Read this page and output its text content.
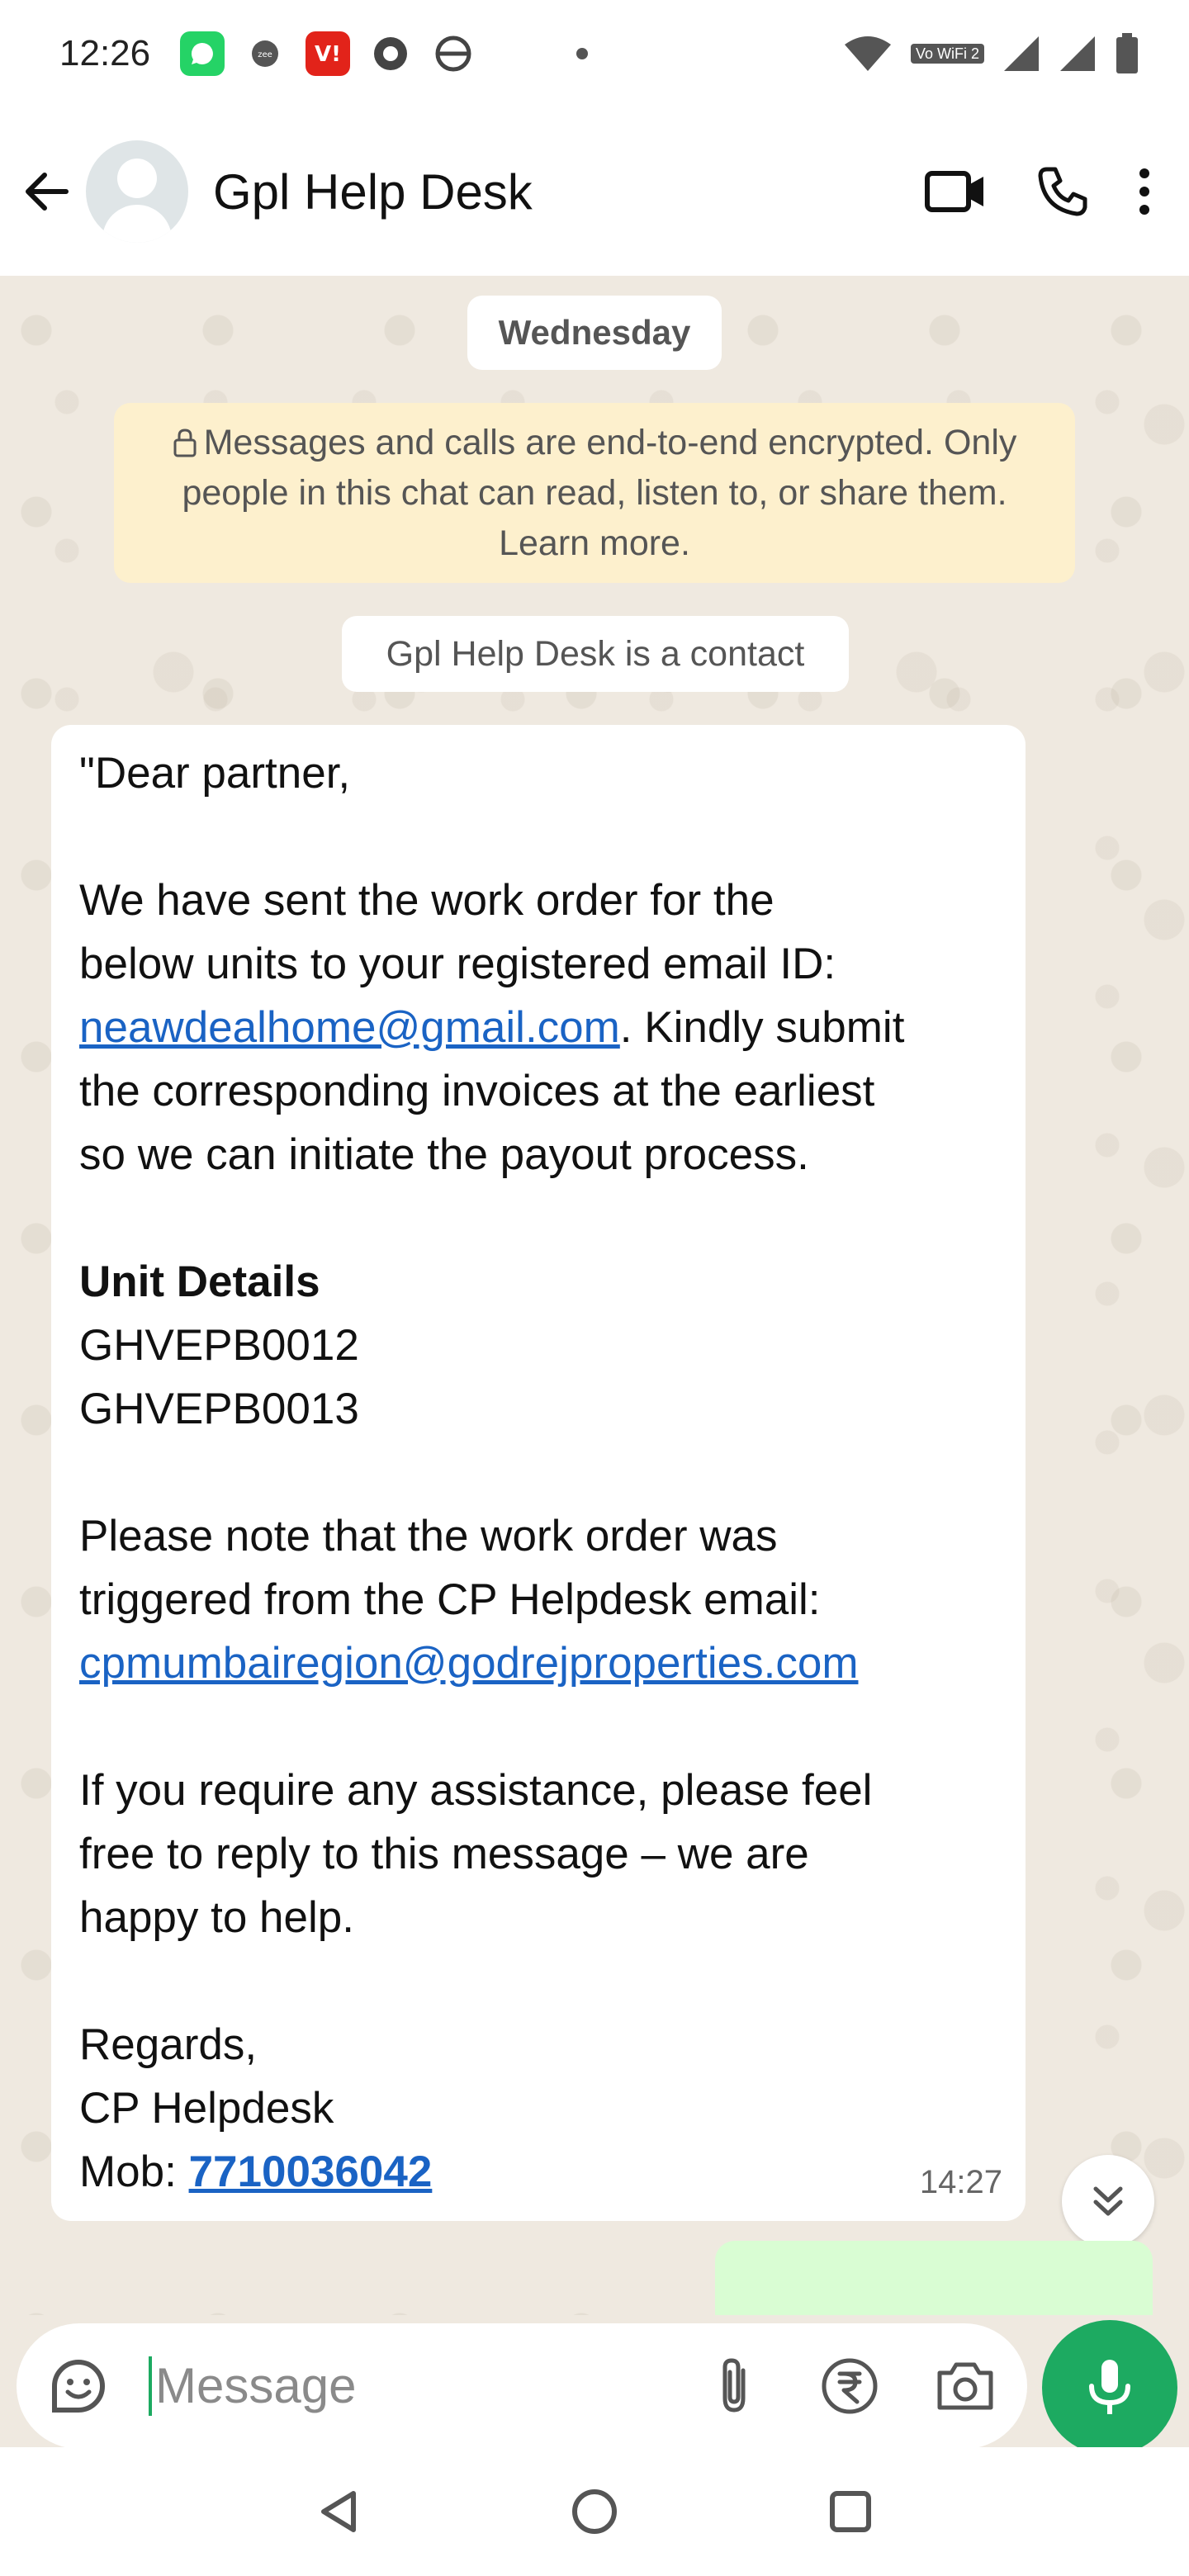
12:26	zee V!	Vo WiFi 2
Gpl Help Desk
Wednesday
Messages and calls are end-to-end encrypted. Only people in this chat can read, listen to, or share them. Learn more.
Gpl Help Desk is a contact
"Dear partner,
We have sent the work order for the
below units to your registered email ID:
neawdealhome@gmail.com. Kindly submit
the corresponding invoices at the earliest
so we can initiate the payout process.
Unit Details
GHVEPB0012
GHVEPB0013
Please note that the work order was
triggered from the CP Helpdesk email:
cpmumbairegion@godrejproperties.com
If you require any assistance, please feel
free to reply to this message – we are
happy to help.
Regards,
CP Helpdesk
Mob: 7710036042	14:27
Message
